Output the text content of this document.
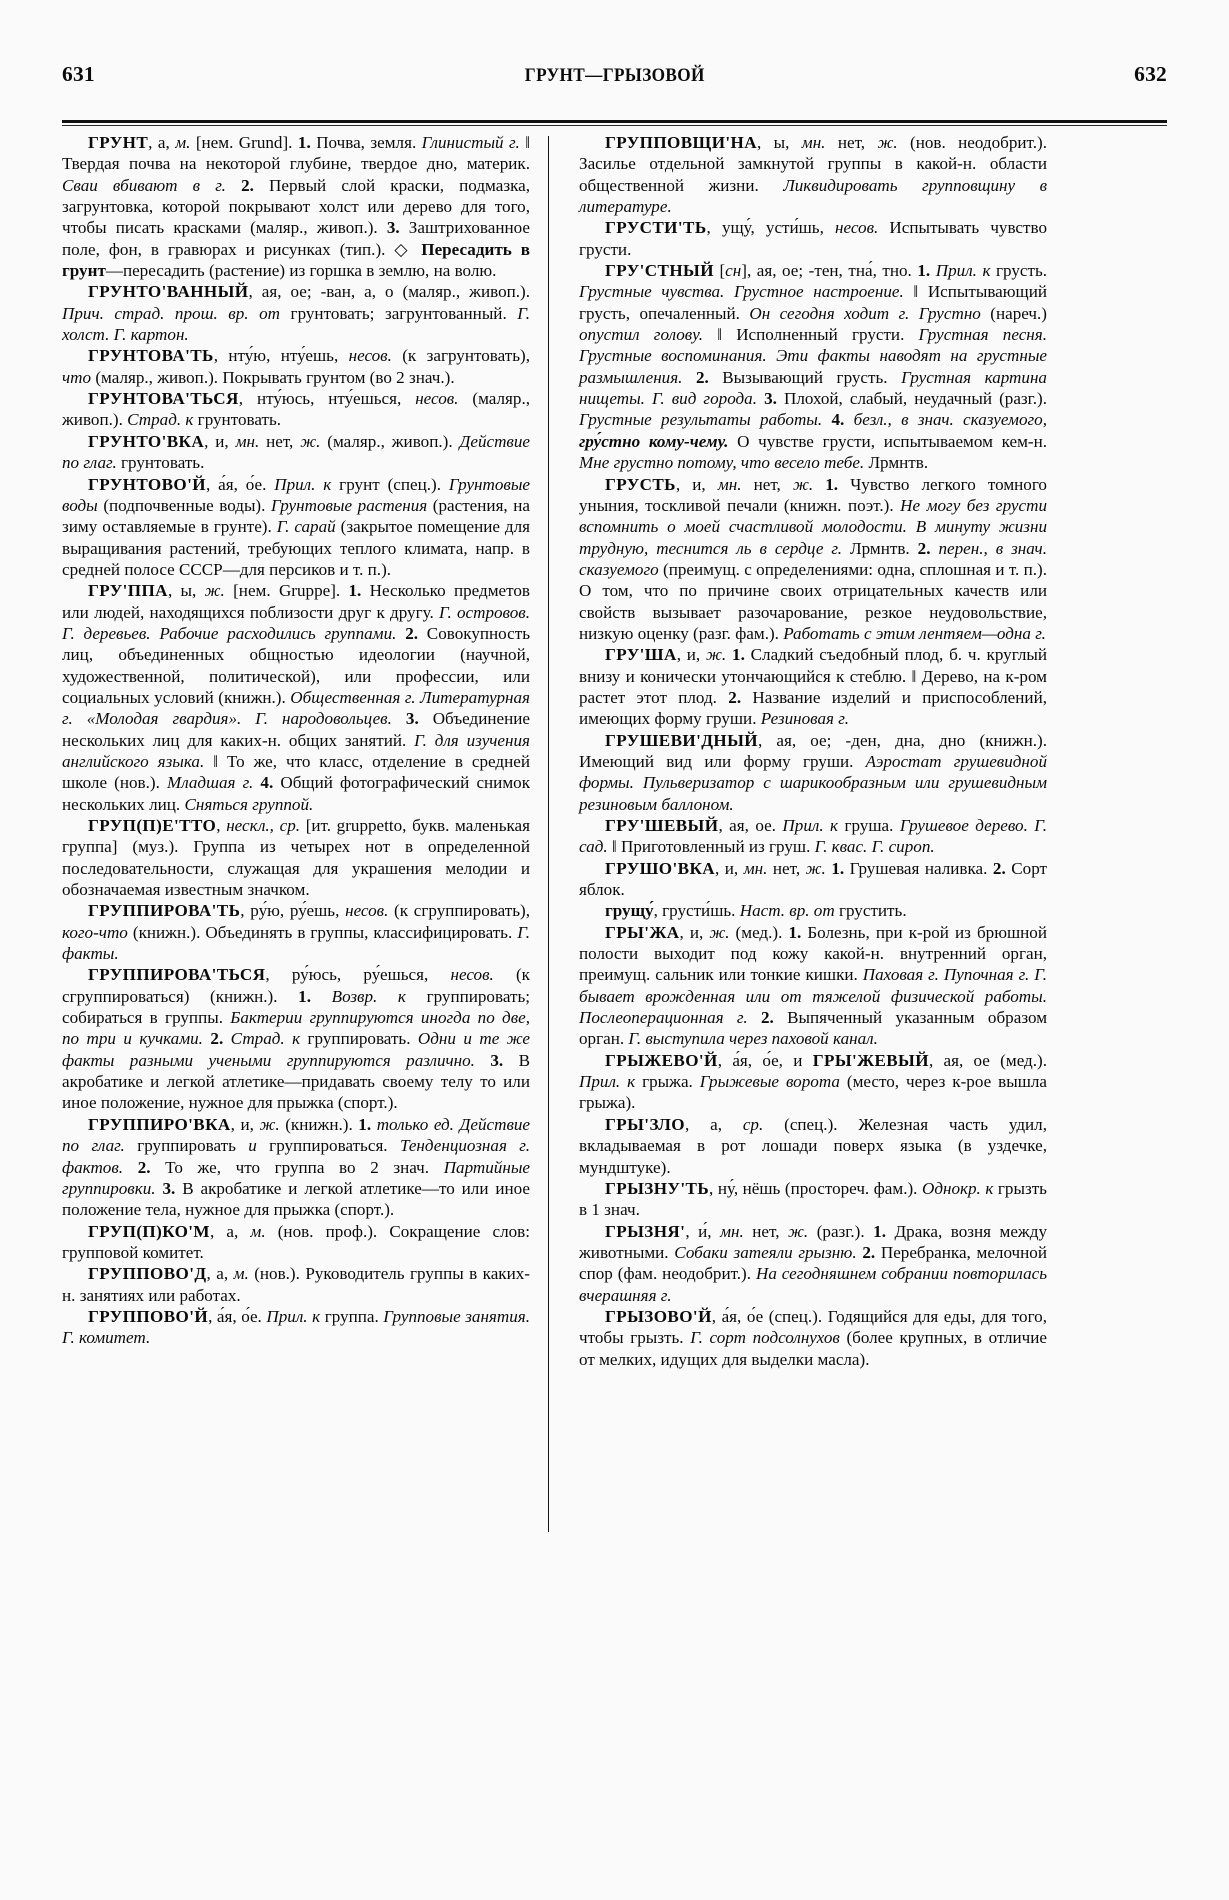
631	ГРУНТ—ГРЫЗОВОЙ	632

ГРУНТ, а, м. [нем. Grund]. 1. Почва, земля. Глинистый г. ‖ Твердая почва на некоторой глубине, твердое дно, материк. Сваи вбивают в г. 2. Первый слой краски, подмазка, загрунтовка, которой покрывают холст или дерево для того, чтобы писать красками (маляр., живоп.). 3. Заштрихованное поле, фон, в гравюрах и рисунках (тип.). ◇ Пересадить в грунт—пересадить (растение) из горшка в землю, на волю.

ГРУНТО'ВАННЫЙ, ая, ое; -ван, а, о (маляр., живоп.). Прич. страд. прош. вр. от грунтовать; загрунтованный. Г. холст. Г. картон.

ГРУНТОВА'ТЬ, нту́ю, нту́ешь, несов. (к загрунтовать), что (маляр., живоп.). Покрывать грунтом (во 2 знач.).

ГРУНТОВА'ТЬСЯ, нту́юсь, нту́ешься, несов. (маляр., живоп.). Страд. к грунтовать.

ГРУНТО'ВКА, и, мн. нет, ж. (маляр., живоп.). Действие по глаг. грунтовать.

ГРУНТОВО'Й, а́я, о́е. Прил. к грунт (спец.). Грунтовые воды (подпочвенные воды). Грунтовые растения (растения, на зиму оставляемые в грунте). Г. сарай (закрытое помещение для выращивания растений, требующих теплого климата, напр. в средней полосе СССР—для персиков и т. п.).

ГРУ'ППА, ы, ж. [нем. Gruppe]. 1. Несколько предметов или людей, находящихся поблизости друг к другу. Г. островов. Г. деревьев. Рабочие расходились группами. 2. Совокупность лиц, объединенных общностью идеологии (научной, художественной, политической), или профессии, или социальных условий (книжн.). Общественная г. Литературная г. «Молодая гвардия». Г. народовольцев. 3. Объединение нескольких лиц для каких-н. общих занятий. Г. для изучения английского языка. ‖ То же, что класс, отделение в средней школе (нов.). Младшая г. 4. Общий фотографический снимок нескольких лиц. Сняться группой.

ГРУП(П)Е'ТТО, нескл., ср. [ит. gruppetto, букв. маленькая группа] (муз.). Группа из четырех нот в определенной последовательности, служащая для украшения мелодии и обозначаемая известным значком.

ГРУППИРОВА'ТЬ, ру́ю, ру́ешь, несов. (к сгруппировать), кого-что (книжн.). Объединять в группы, классифицировать. Г. факты.

ГРУППИРОВА'ТЬСЯ, ру́юсь, ру́ешься, несов. (к сгруппироваться) (книжн.). 1. Возвр. к группировать; собираться в группы. Бактерии группируются иногда по две, по три и кучками. 2. Страд. к группировать. Одни и те же факты разными учеными группируются различно. 3. В акробатике и легкой атлетике—придавать своему телу то или иное положение, нужное для прыжка (спорт.).

ГРУППИРО'ВКА, и, ж. (книжн.). 1. только ед. Действие по глаг. группировать и группироваться. Тенденциозная г. фактов. 2. То же, что группа во 2 знач. Партийные группировки. 3. В акробатике и легкой атлетике—то или иное положение тела, нужное для прыжка (спорт.).

ГРУП(П)КО'М, а, м. (нов. проф.). Сокращение слов: групповой комитет.

ГРУППОВО'Д, а, м. (нов.). Руководитель группы в каких-н. занятиях или работах.

ГРУППОВО'Й, а́я, о́е. Прил. к группа. Групповые занятия. Г. комитет.

ГРУППОВЩИ'НА, ы, мн. нет, ж. (нов. неодобрит.). Засилье отдельной замкнутой группы в какой-н. области общественной жизни. Ликвидировать групповщину в литературе.

ГРУСТИ'ТЬ, ущу́, усти́шь, несов. Испытывать чувство грусти.

ГРУ'СТНЫЙ [сн], ая, ое; -тен, тна́, тно. 1. Прил. к грусть. Грустные чувства. Грустное настроение. ‖ Испытывающий грусть, опечаленный. Он сегодня ходит г. Грустно (нареч.) опустил голову. ‖ Исполненный грусти. Грустная песня. Грустные воспоминания. Эти факты наводят на грустные размышления. 2. Вызывающий грусть. Грустная картина нищеты. Г. вид города. 3. Плохой, слабый, неудачный (разг.). Грустные результаты работы. 4. безл., в знач. сказуемого, гру́стно кому-чему. О чувстве грусти, испытываемом кем-н. Мне грустно потому, что весело тебе. Лрмнтв.

ГРУСТЬ, и, мн. нет, ж. 1. Чувство легкого томного уныния, тоскливой печали (книжн. поэт.). Не могу без грусти вспомнить о моей счастливой молодости. В минуту жизни трудную, теснится ль в сердце г. Лрмнтв. 2. перен., в знач. сказуемого (преимущ. с определениями: одна, сплошная и т. п.). О том, что по причине своих отрицательных качеств или свойств вызывает разочарование, резкое неудовольствие, низкую оценку (разг. фам.). Работать с этим лентяем—одна г.

ГРУ'ША, и, ж. 1. Сладкий съедобный плод, б. ч. круглый внизу и конически утончающийся к стеблю. ‖ Дерево, на к-ром растет этот плод. 2. Название изделий и приспособлений, имеющих форму груши. Резиновая г.

ГРУШЕВИ'ДНЫЙ, ая, ое; -ден, дна, дно (книжн.). Имеющий вид или форму груши. Аэростат грушевидной формы. Пульверизатор с шарикообразным или грушевидным резиновым баллоном.

ГРУ'ШЕВЫЙ, ая, ое. Прил. к груша. Грушевое дерево. Г. сад. ‖ Приготовленный из груш. Г. квас. Г. сироп.

ГРУШО'ВКА, и, мн. нет, ж. 1. Грушевая наливка. 2. Сорт яблок.

грущу́, грусти́шь. Наст. вр. от грустить.

ГРЫ'ЖА, и, ж. (мед.). 1. Болезнь, при к-рой из брюшной полости выходит под кожу какой-н. внутренний орган, преимущ. сальник или тонкие кишки. Паховая г. Пупочная г. Г. бывает врожденная или от тяжелой физической работы. Послеоперационная г. 2. Выпяченный указанным образом орган. Г. выступила через паховой канал.

ГРЫЖЕВО'Й, а́я, о́е, и ГРЫ'ЖЕВЫЙ, ая, ое (мед.). Прил. к грыжа. Грыжевые ворота (место, через к-рое вышла грыжа).

ГРЫ'ЗЛО, а, ср. (спец.). Железная часть удил, вкладываемая в рот лошади поверх языка (в уздечке, мундштуке).

ГРЫЗНУ'ТЬ, ну́, нёшь (простореч. фам.). Однокр. к грызть в 1 знач.

ГРЫЗНЯ', и́, мн. нет, ж. (разг.). 1. Драка, возня между животными. Собаки затеяли грызню. 2. Перебранка, мелочной спор (фам. неодобрит.). На сегодняшнем собрании повторилась вчерашняя г.

ГРЫЗОВО'Й, а́я, о́е (спец.). Годящийся для еды, для того, чтобы грызть. Г. сорт подсолнухов (более крупных, в отличие от мелких, идущих для выделки масла).
